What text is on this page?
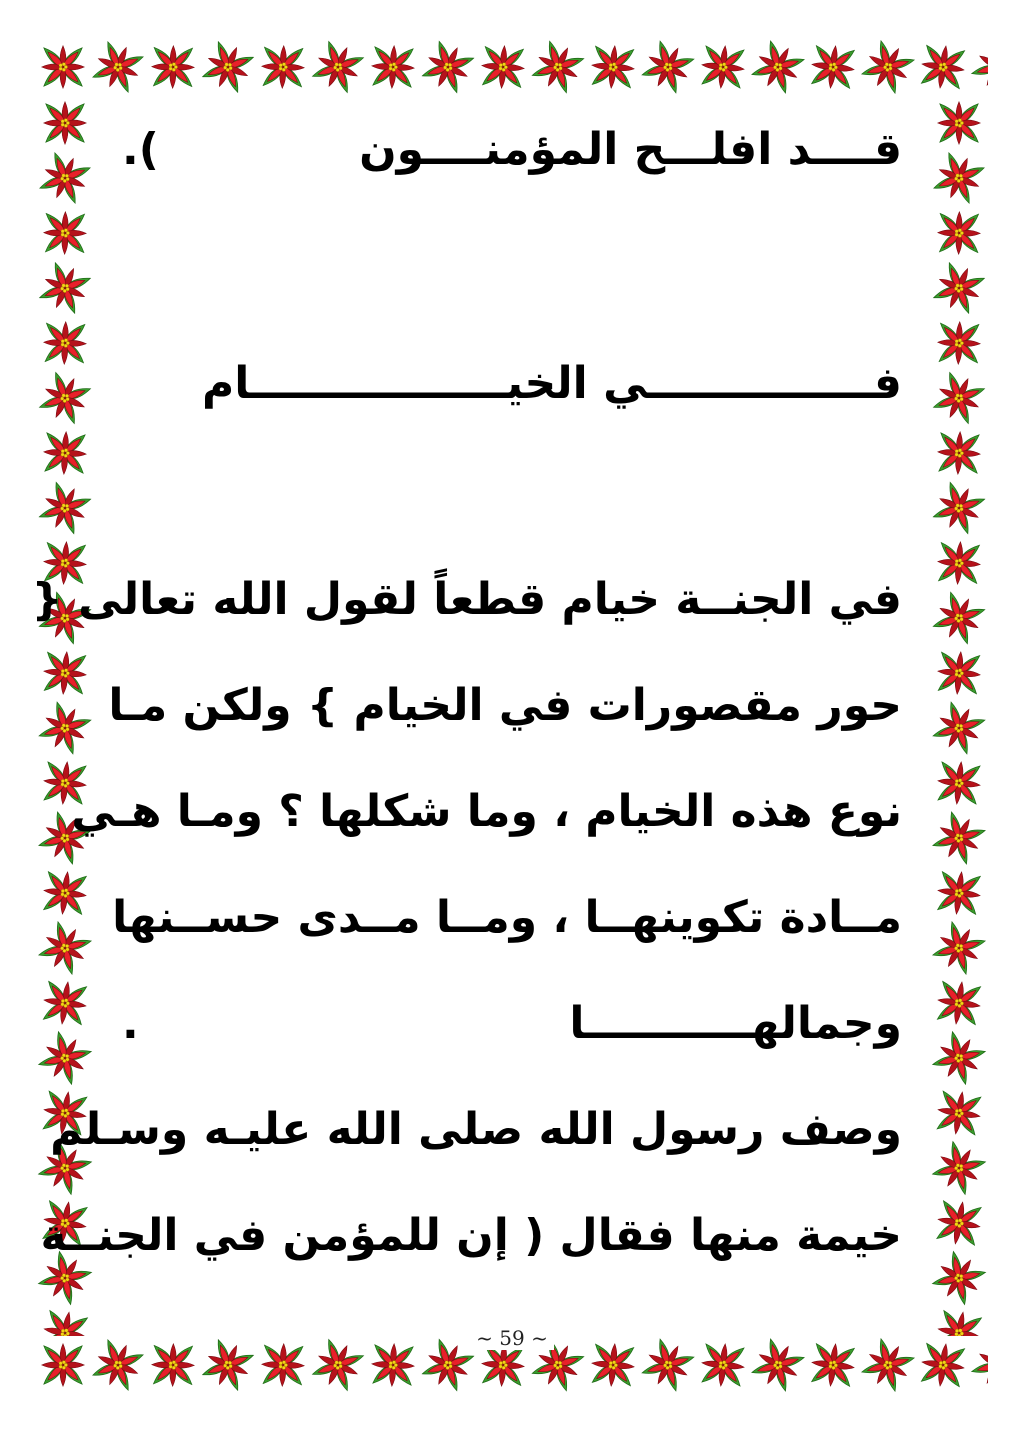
قــــد افلـــح المؤمنــــون
.(
فـــــــــــــــي الخيـــــــــــــــــام
في الجنــة خيام قطعاً لقول الله تعالى {
حور مقصورات في الخيام } ولكن مـا
نوع هذه الخيام ، وما شكلها ؟ ومـا هـي
مــادة تكوينهــا ، ومــا مــدى حســنها
وجمالهـــــــــــا
.
وصف رسول الله صلى الله عليـه وسـلم
خيمة منها فقال ( إن للمؤمن في الجنــة
~ 59 ~
